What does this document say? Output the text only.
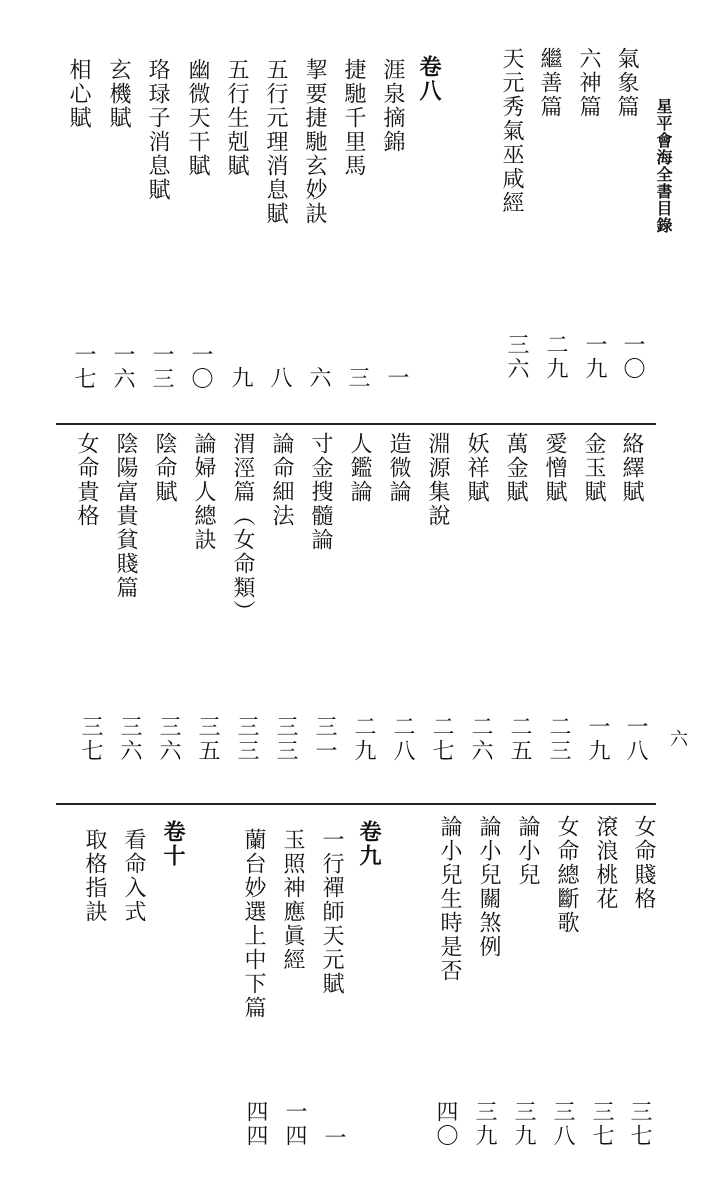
星平會海全書目錄
六
氣象篇
六神篇
繼善篇
天元秀氣巫咸經
卷八
涯泉摘錦
捷馳千里馬
挈要捷馳玄妙訣
五行元理消息賦
五行生剋賦
幽微天干賦
珞琭子消息賦
玄機賦
相心賦
一〇
一九
二九
三六
一
三
六
八
九
一〇
一三
一六
一七
絡繹賦
金玉賦
愛憎賦
萬金賦
妖祥賦
淵源集說
造微論
人鑑論
寸金搜髓論
論命細法
渭涇篇（女命類）
論婦人總訣
陰命賦
陰陽富貴貧賤篇
女命貴格
一八
一九
二三
二五
二六
二七
二八
二九
三一
三三
三三
三五
三六
三六
三七
女命賤格
滾浪桃花
女命總斷歌
論小兒
論小兒關煞例
論小兒生時是否
卷九
一行禪師天元賦
玉照神應眞經
蘭台妙選上中下篇
卷十
看命入式
取格指訣
三七
三七
三八
三九
三九
四〇
一
一四
四四
